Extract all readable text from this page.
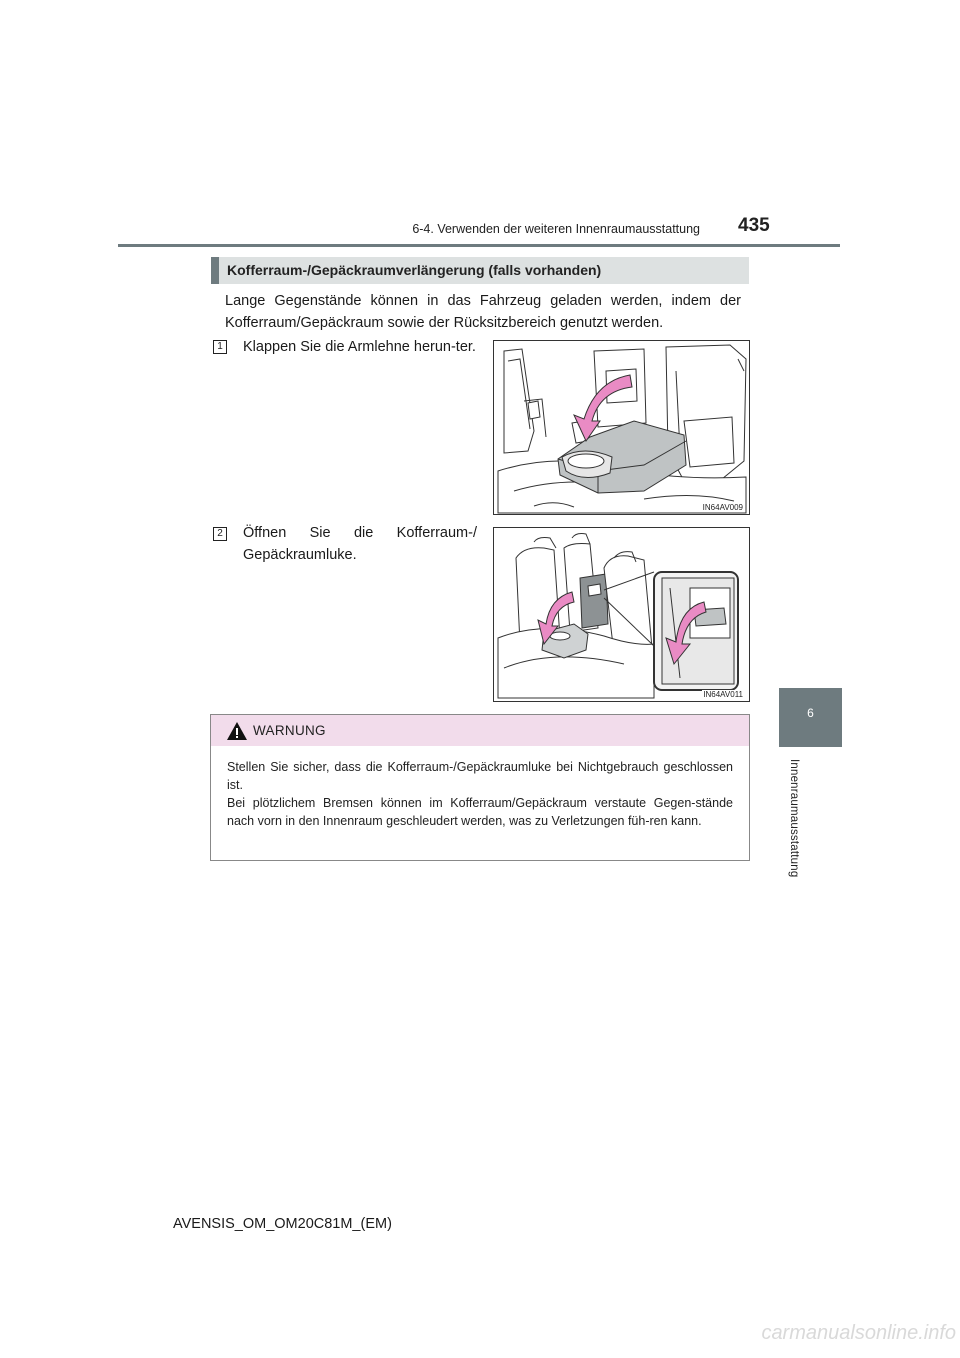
6-4. Verwenden der weiteren Innenraumausstattung 435
6
Innenraumausstattung
Kofferraum-/Gepäckraumverlängerung (falls vorhanden)
Lange Gegenstände können in das Fahrzeug geladen werden, indem der Kofferraum/Gepäckraum sowie der Rücksitzbereich genutzt werden.
1 Klappen Sie die Armlehne herun-ter.
IN64AV009
2 Öffnen Sie die Kofferraum-/ Gepäckraumluke.
IN64AV011
WARNUNG

Stellen Sie sicher, dass die Kofferraum-/Gepäckraumluke bei Nichtgebrauch geschlossen ist.

Bei plötzlichem Bremsen können im Kofferraum/Gepäckraum verstaute Gegen-stände nach vorn in den Innenraum geschleudert werden, was zu Verletzungen füh-ren kann.

AVENSIS_OM_OM20C81M_(EM)
carmanualsonline.info
